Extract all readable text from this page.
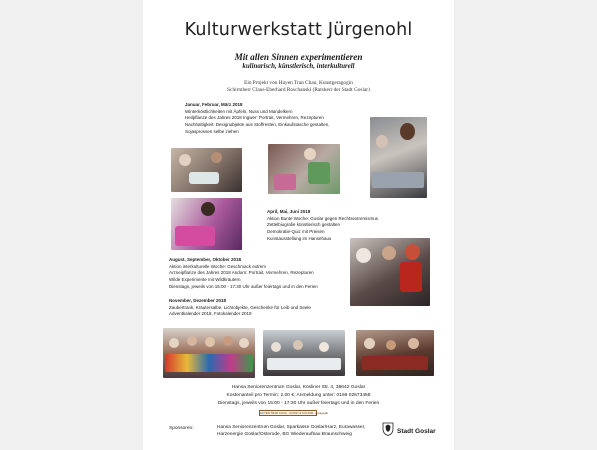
Kulturwerkstatt Jürgenohl
Mit allen Sinnen experimentieren
kulinarisch, künstlerisch, interkulturell
Ein Projekt von Huyen Tran Chau, Kunstgeragogin
Schirmherr Claus-Eberhard Roschanski (Ratsherr der Stadt Goslar)
Januar, Februar, März 2018
Winterköstlichkeiten mit Äpfeln, Nuss und Mandelkern
Heilpflanze des Jahres 2018 Ingwer: Portrait, Vermehren, Rezepturen
Nachhaltigkeit: Designobjekte aus Stoffresten, Einkaufstasche gestalten,
Sojasprossen selbe ziehen
April, Mai, Juni 2018
Aktion Bunte Woche: Goslar gegen Rechtsextremismus
Zettelbiografie künstlerisch gestalten
Demokratie-Quiz mit Preisen
Kunstausstellung im Hansehaus
August, September, Oktober 2018
Aktion interkulturelle Woche: Geschmack extrem
Arzneipflanze des Jahres 2018 Andorn: Portrait, Vermehren, Rezepturen
Wilde Experimente mit Wildkräutern
Dienstags, jeweils von 15:00 - 17:30 Uhr außer feiertags und in den Ferien
November, Dezember 2018
Zaubertrank, Kräutersalbe, Lichtobjekte, Geschenke für Leib und Seele
Adventkalender 2018, Fotokalender 2019
Hansa Seniorenzentrum Goslar, Kösliner Str. 4, 38642 Goslar
Kostenanteil pro Termin: 2,00 €, Anmeldung unter: 0159 02673458
Dienstags, jeweils von 15:00 - 17:30 Uhr außer feiertags und in den Ferien
HUYEN TRAN CHAU · KUNST & KULTUR · geragogik
Sponsoren:	Hansa Seniorenzentrum Goslar, Sparkasse Goslar/Harz, Eurawasser,
Harzenergie Goslar/Osterode, BG Wiederaufbau Braunschweig	Stadt Goslar
